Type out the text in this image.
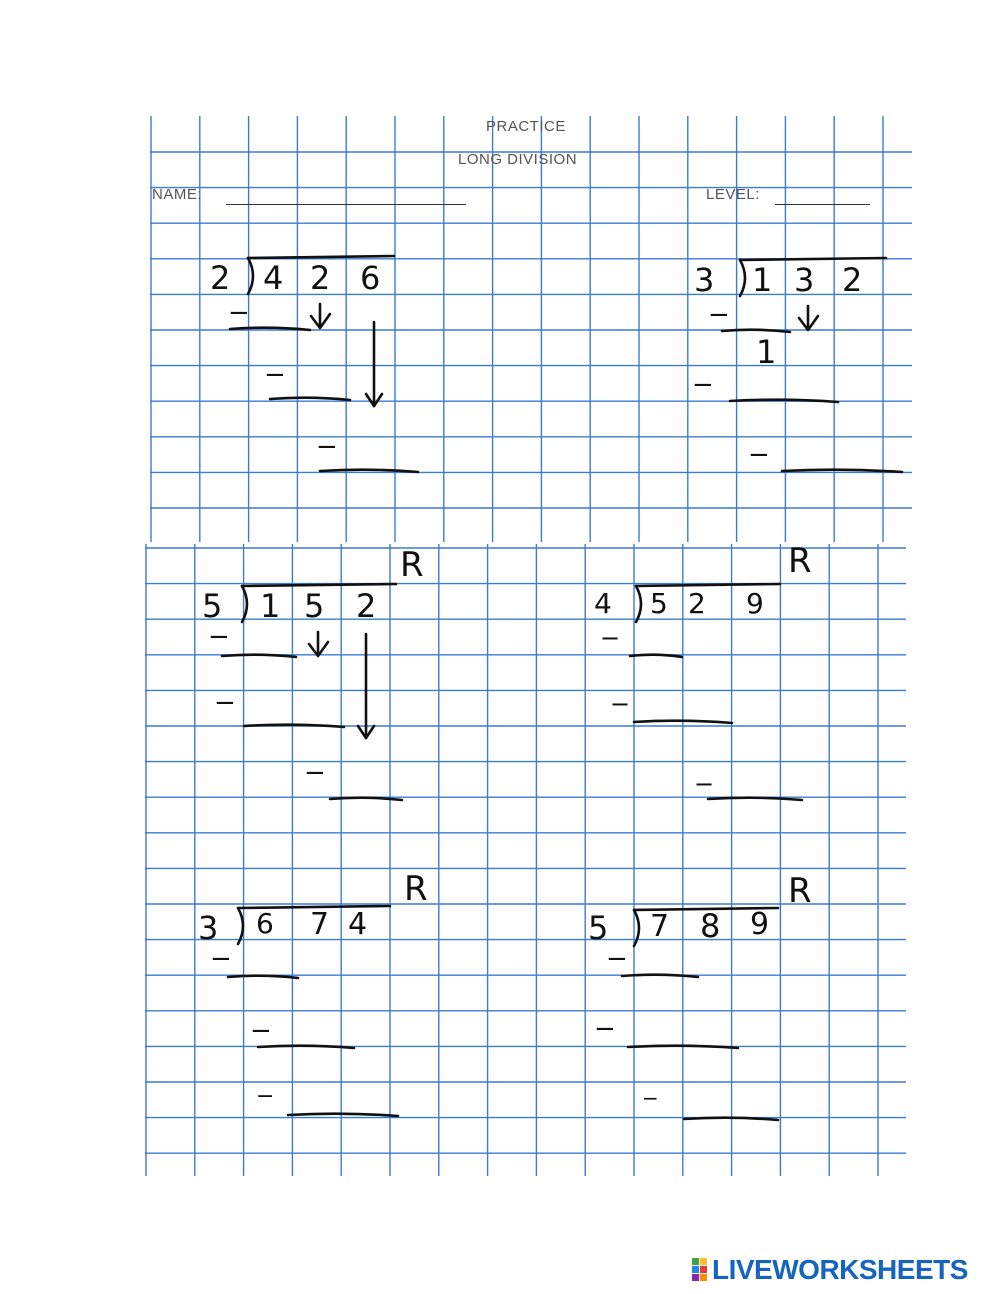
PRACTICE
LONG DIVISION
NAME:	LEVEL:
2 4 2 6
−
−
−
3 1 3 2
−
1
−
−
R
5 1 5 2
−
−
−
R
4 5 2 9
−
−
−
R
3 6 7 4
−
−
−
R
5 7 8 9
−
−
−
LIVEWORKSHEETS
